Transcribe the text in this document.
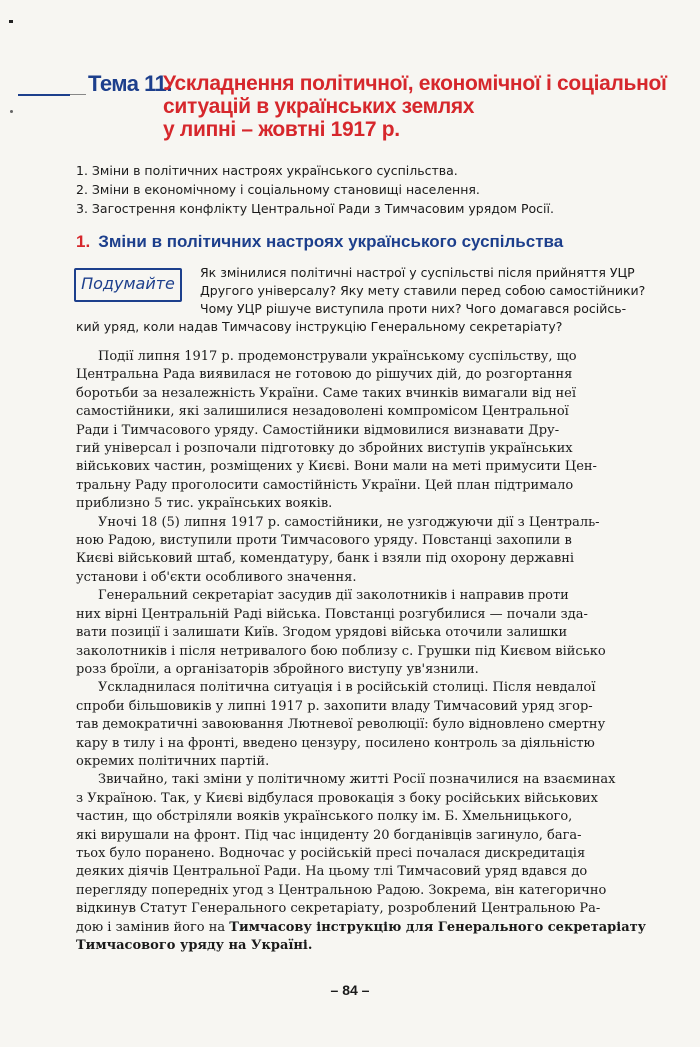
Тема 11.
Ускладнення політичної, економічної і соціальної
ситуацій в українських землях
у липні – жовтні 1917 р.
1. Зміни в політичних настроях українського суспільства.
2. Зміни в економічному і соціальному становищі населення.
3. Загострення конфлікту Центральної Ради з Тимчасовим урядом Росії.
1. Зміни в політичних настроях українського суспільства
Подумайте
Як змінилися політичні настрої у суспільстві після прийняття УЦР
Другого універсалу? Яку мету ставили перед собою самостійники?
Чому УЦР рішуче виступила проти них? Чого домагався російсь-
кий уряд, коли надав Тимчасову інструкцію Генеральному секретаріату?
Події липня 1917 р. продемонстрували українському суспільству, що
Центральна Рада виявилася не готовою до рішучих дій, до розгортання
боротьби за незалежність України. Саме таких вчинків вимагали від неї
самостійники, які залишилися незадоволені компромісом Центральної
Ради і Тимчасового уряду. Самостійники відмовилися визнавати Дру-
гий універсал і розпочали підготовку до збройних виступів українських
військових частин, розміщених у Києві. Вони мали на меті примусити Цен-
тральну Раду проголосити самостійність України. Цей план підтримало
приблизно 5 тис. українських вояків.
Уночі 18 (5) липня 1917 р. самостійники, не узгоджуючи дії з Централь-
ною Радою, виступили проти Тимчасового уряду. Повстанці захопили в
Києві військовий штаб, комендатуру, банк і взяли під охорону державні
установи і об'єкти особливого значення.
Генеральний секретаріат засудив дії заколотників і направив проти
них вірні Центральній Раді війська. Повстанці розгубилися — почали зда-
вати позиції і залишати Київ. Згодом урядові війська оточили залишки
заколотників і після нетривалого бою поблизу с. Грушки під Києвом військо
розз броїли, а організаторів збройного виступу ув'язнили.
Ускладнилася політична ситуація і в російській столиці. Після невдалої
спроби більшовиків у липні 1917 р. захопити владу Тимчасовий уряд згор-
тав демократичні завоювання Лютневої революції: було відновлено смертну
кару в тилу і на фронті, введено цензуру, посилено контроль за діяльністю
окремих політичних партій.
Звичайно, такі зміни у політичному житті Росії позначилися на взаєминах
з Україною. Так, у Києві відбулася провокація з боку російських військових
частин, що обстріляли вояків українського полку ім. Б. Хмельницького,
які вирушали на фронт. Під час інциденту 20 богданівців загинуло, бага-
тьох було поранено. Водночас у російській пресі почалася дискредитація
деяких діячів Центральної Ради. На цьому тлі Тимчасовий уряд вдався до
перегляду попередніх угод з Центральною Радою. Зокрема, він категорично
відкинув Статут Генерального секретаріату, розроблений Центральною Ра-
дою і замінив його на Тимчасову інструкцію для Генерального секретаріату
Тимчасового уряду на Україні.
– 84 –
